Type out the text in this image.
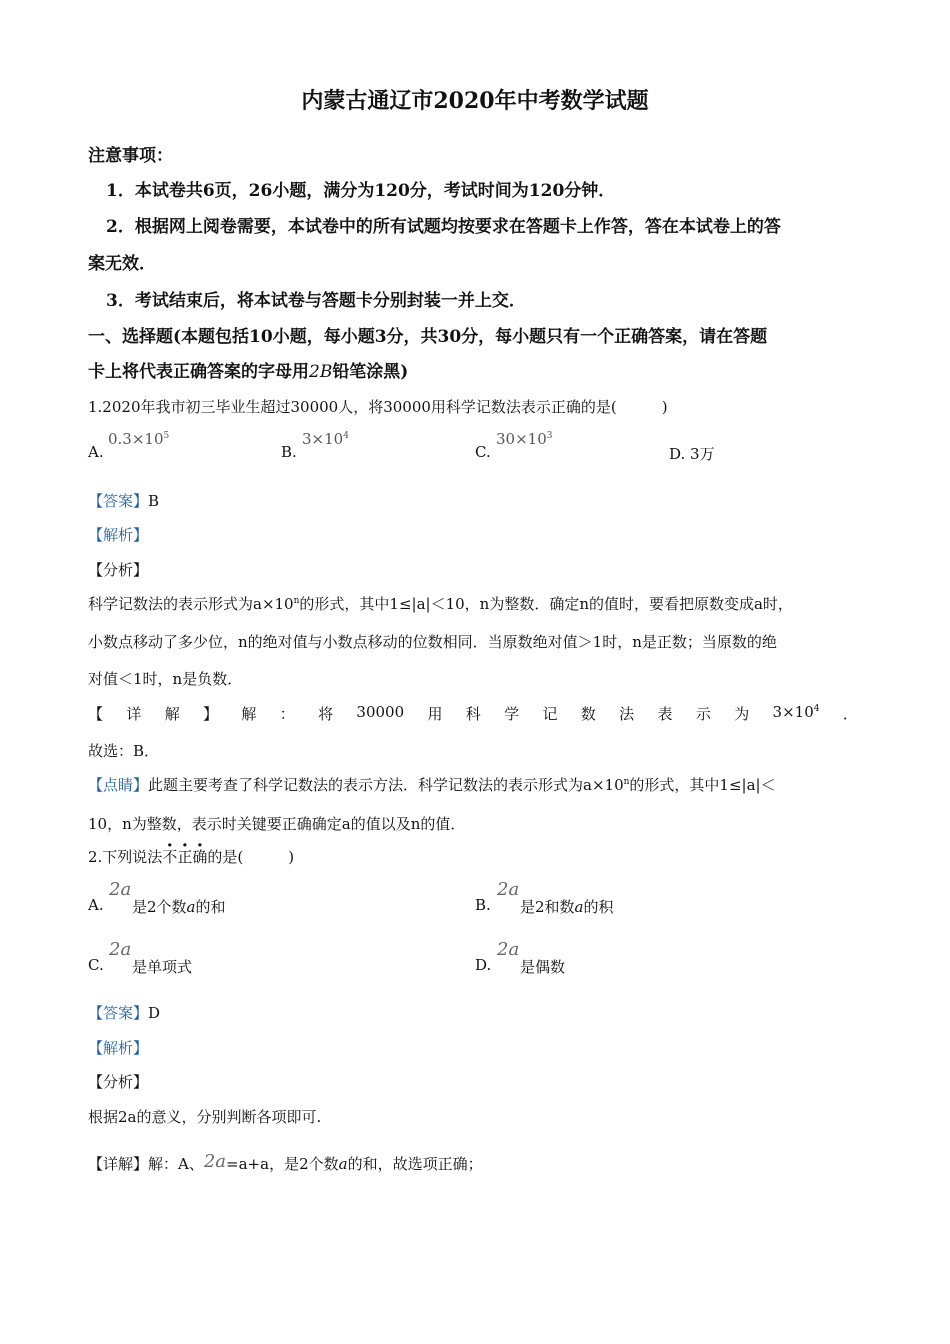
内蒙古通辽市2020年中考数学试题
注意事项：
1．本试卷共6页，26小题，满分为120分，考试时间为120分钟．
2．根据网上阅卷需要，本试卷中的所有试题均按要求在答题卡上作答，答在本试卷上的答
案无效．
3．考试结束后，将本试卷与答题卡分别封装一并上交．
一、选择题(本题包括10小题，每小题3分，共30分，每小题只有一个正确答案，请在答题
卡上将代表正确答案的字母用2B铅笔涂黑)
1.2020年我市初三毕业生超过30000人，将30000用科学记数法表示正确的是(　　　)
A.
$0.3\times 10^5$
B.
$3\times 10^4$
C.
$30\times 10^3$
D. 3万
【答案】B
【解析】
【分析】
科学记数法的表示形式为$a\times 10^n$的形式，其中1≤|a|＜10，n为整数．确定n的值时，要看把原数变成a时，
小数点移动了多少位，n的绝对值与小数点移动的位数相同．当原数绝对值＞1时，n是正数；当原数的绝
对值＜1时，n是负数．
【 详 解 】 解 ： 将 30000 用 科 学 记 数 法 表 示 为 $3\times 10^4$ ．
故选：B．
【点睛】此题主要考查了科学记数法的表示方法．科学记数法的表示形式为$a\times 10^n$的形式，其中1≤|a|＜
10，n为整数，表示时关键要正确确定a的值以及n的值．
2.下列说法不正确的是(　　　)
A.
2a
是2个数a的和	B.
2a
是2和数a的积
C.
2a
是单项式	D.
2a
是偶数
【答案】D
【解析】
【分析】
根据2a的意义，分别判断各项即可.
【详解】解：A、2a=a+a，是2个数a的和，故选项正确；
